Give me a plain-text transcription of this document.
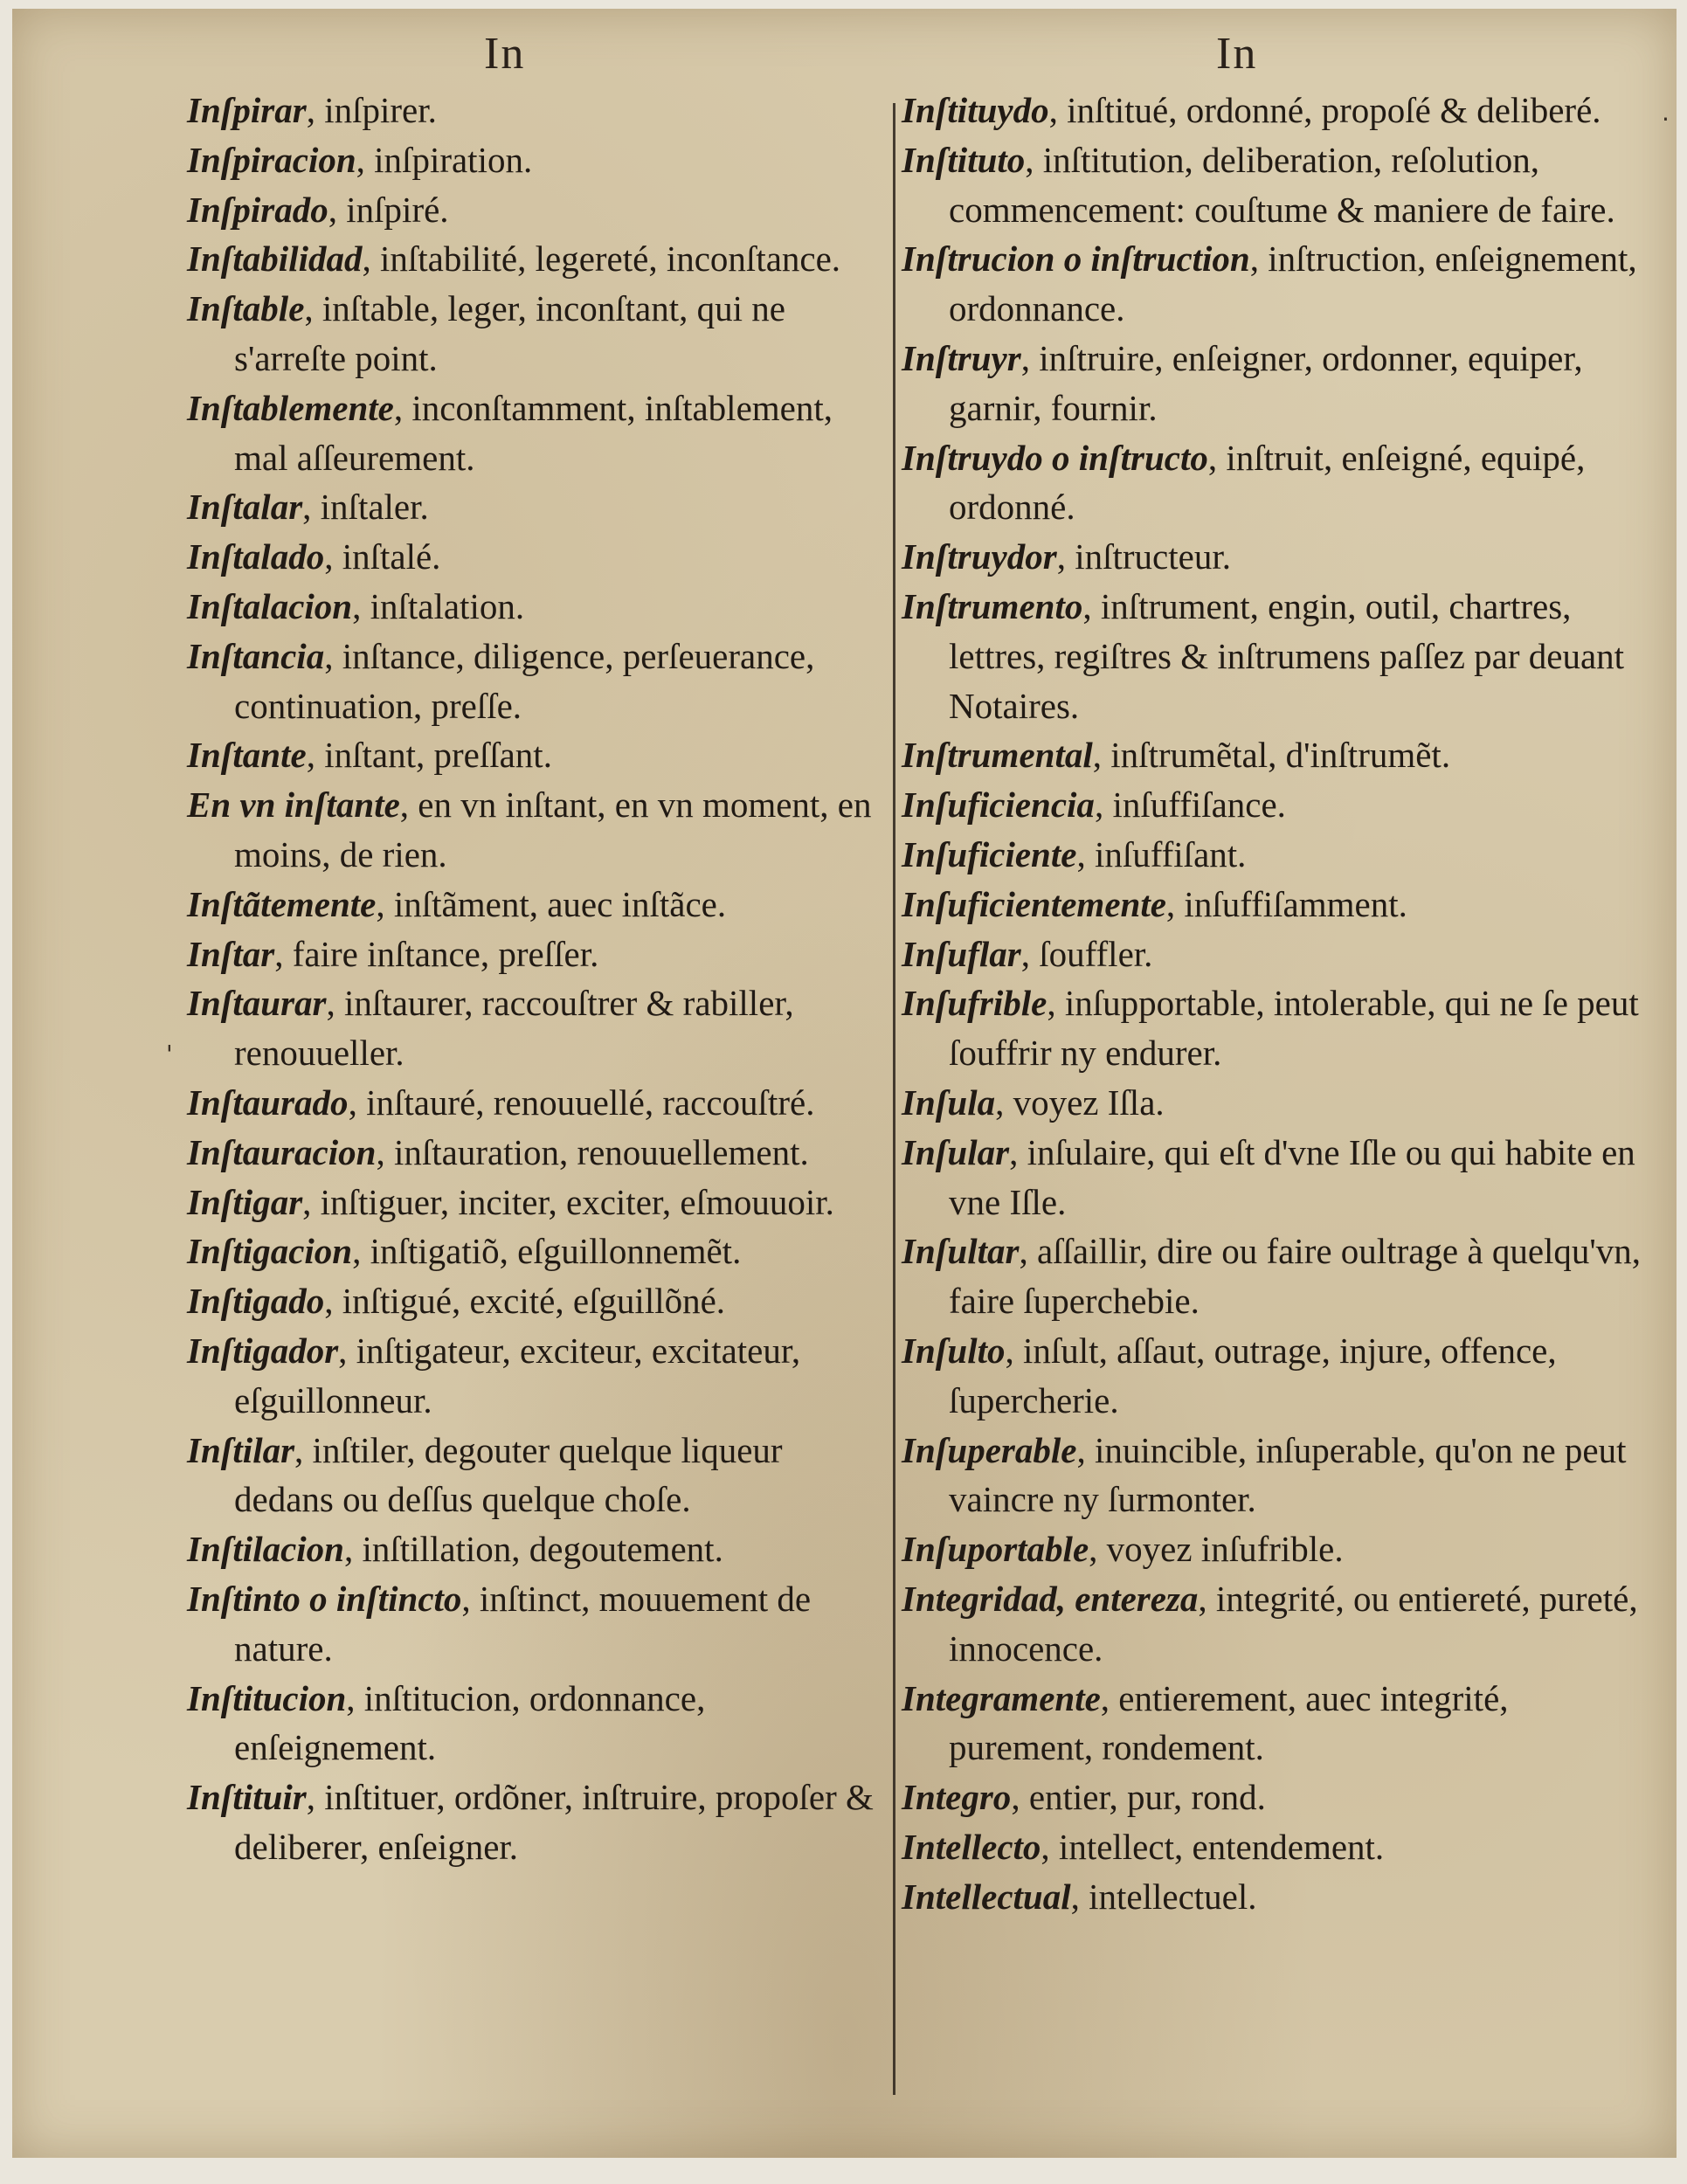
In	In

Inſpirar, inſpirer.

Inſpiracion, inſpiration.

Inſpirado, inſpiré.

Inſtabilidad, inſtabilité, legereté, inconſtance.

Inſtable, inſtable, leger, inconſtant, qui ne s'arreſte point.

Inſtablemente, inconſtamment, inſtablement, mal aſſeurement.

Inſtalar, inſtaler.

Inſtalado, inſtalé.

Inſtalacion, inſtalation.

Inſtancia, inſtance, diligence, perſeuerance, continuation, preſſe.

Inſtante, inſtant, preſſant.

En vn inſtante, en vn inſtant, en vn moment, en moins, de rien.

Inſtãtemente, inſtãment, auec inſtãce.

Inſtar, faire inſtance, preſſer.

Inſtaurar, inſtaurer, raccouſtrer & rabiller, renouueller.

Inſtaurado, inſtauré, renouuellé, raccouſtré.

Inſtauracion, inſtauration, renouuellement.

Inſtigar, inſtiguer, inciter, exciter, eſmouuoir.

Inſtigacion, inſtigatiõ, eſguillonnemẽt.

Inſtigado, inſtigué, excité, eſguillõné.

Inſtigador, inſtigateur, exciteur, excitateur, eſguillonneur.

Inſtilar, inſtiler, degouter quelque liqueur dedans ou deſſus quelque choſe.

Inſtilacion, inſtillation, degoutement.

Inſtinto o inſtincto, inſtinct, mouuement de nature.

Inſtitucion, inſtitucion, ordonnance, enſeignement.

Inſtituir, inſtituer, ordõner, inſtruire, propoſer & deliberer, enſeigner.

Inſtituydo, inſtitué, ordonné, propoſé & deliberé.

Inſtituto, inſtitution, deliberation, reſolution, commencement: couſtume & maniere de faire.

Inſtrucion o inſtruction, inſtruction, enſeignement, ordonnance.

Inſtruyr, inſtruire, enſeigner, ordonner, equiper, garnir, fournir.

Inſtruydo o inſtructo, inſtruit, enſeigné, equipé, ordonné.

Inſtruydor, inſtructeur.

Inſtrumento, inſtrument, engin, outil, chartres, lettres, regiſtres & inſtrumens paſſez par deuant Notaires.

Inſtrumental, inſtrumẽtal, d'inſtrumẽt.

Inſuficiencia, inſuffiſance.

Inſuficiente, inſuffiſant.

Inſuficientemente, inſuffiſamment.

Inſuflar, ſouffler.

Inſufrible, inſupportable, intolerable, qui ne ſe peut ſouffrir ny endurer.

Inſula, voyez Iſla.

Inſular, inſulaire, qui eſt d'vne Iſle ou qui habite en vne Iſle.

Inſultar, aſſaillir, dire ou faire oultrage à quelqu'vn, faire ſuperchebie.

Inſulto, inſult, aſſaut, outrage, injure, offence, ſupercherie.

Inſuperable, inuincible, inſuperable, qu'on ne peut vaincre ny ſurmonter.

Inſuportable, voyez inſufrible.

Integridad, entereza, integrité, ou entiereté, pureté, innocence.

Integramente, entierement, auec integrité, purement, rondement.

Integro, entier, pur, rond.

Intellecto, intellect, entendement.

Intellectual, intellectuel.

·
'
